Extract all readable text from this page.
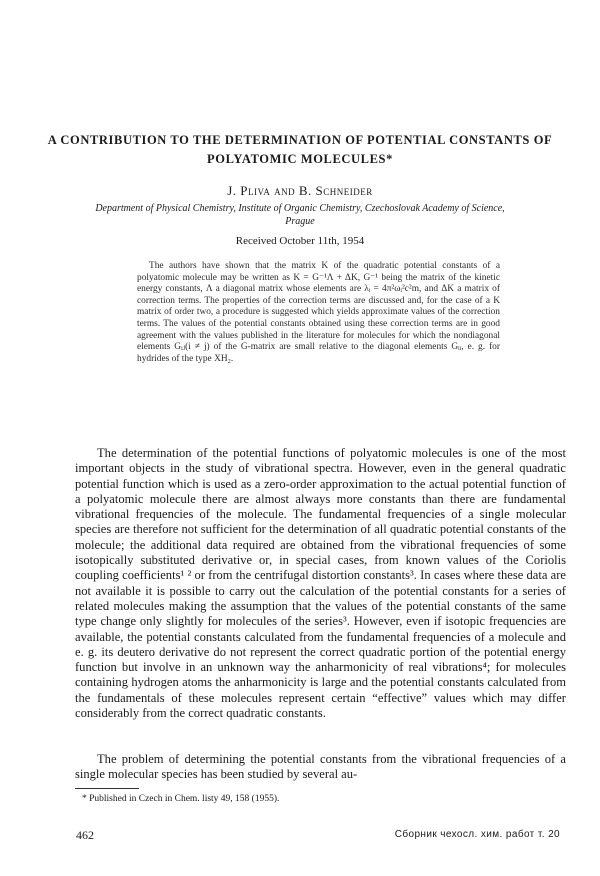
A CONTRIBUTION TO THE DETERMINATION OF POTENTIAL CONSTANTS OF POLYATOMIC MOLECULES*

J. Pliva and B. Schneider

Department of Physical Chemistry, Institute of Organic Chemistry, Czechoslovak Academy of Science, Prague

Received October 11th, 1954

The authors have shown that the matrix K of the quadratic potential constants of a polyatomic molecule may be written as K = G⁻¹Λ + ΔK, G⁻¹ being the matrix of the kinetic energy constants, Λ a diagonal matrix whose elements are λᵢ = 4π²ωᵢ²c²m, and ΔK a matrix of correction terms. The properties of the correction terms are discussed and, for the case of a K matrix of order two, a procedure is suggested which yields approximate values of the correction terms. The values of the potential constants obtained using these correction terms are in good agreement with the values published in the literature for molecules for which the nondiagonal elements Gᵢⱼ(i ≠ j) of the G-matrix are small relative to the diagonal elements Gᵢᵢ, e. g. for hydrides of the type XH₂.

The determination of the potential functions of polyatomic molecules is one of the most important objects in the study of vibrational spectra. However, even in the general quadratic potential function which is used as a zero-order approximation to the actual potential function of a polyatomic molecule there are almost always more constants than there are fundamental vibrational frequencies of the molecule. The fundamental frequencies of a single molecular species are therefore not sufficient for the determination of all quadratic potential constants of the molecule; the additional data required are obtained from the vibrational frequencies of some isotopically substituted derivative or, in special cases, from known values of the Coriolis coupling coefficients¹ ² or from the centrifugal distortion constants³. In cases where these data are not available it is possible to carry out the calculation of the potential constants for a series of related molecules making the assumption that the values of the potential constants of the same type change only slightly for molecules of the series³. However, even if isotopic frequencies are available, the potential constants calculated from the fundamental frequencies of a molecule and e. g. its deutero derivative do not represent the correct quadratic portion of the potential energy function but involve in an unknown way the anharmonicity of real vibrations⁴; for molecules containing hydrogen atoms the anharmonicity is large and the potential constants calculated from the fundamentals of these molecules represent certain “effective” values which may differ considerably from the correct quadratic constants.

The problem of determining the potential constants from the vibrational frequencies of a single molecular species has been studied by several au-

* Published in Czech in Chem. listy 49, 158 (1955).

462	Сборник чехосл. хим. работ т. 20
